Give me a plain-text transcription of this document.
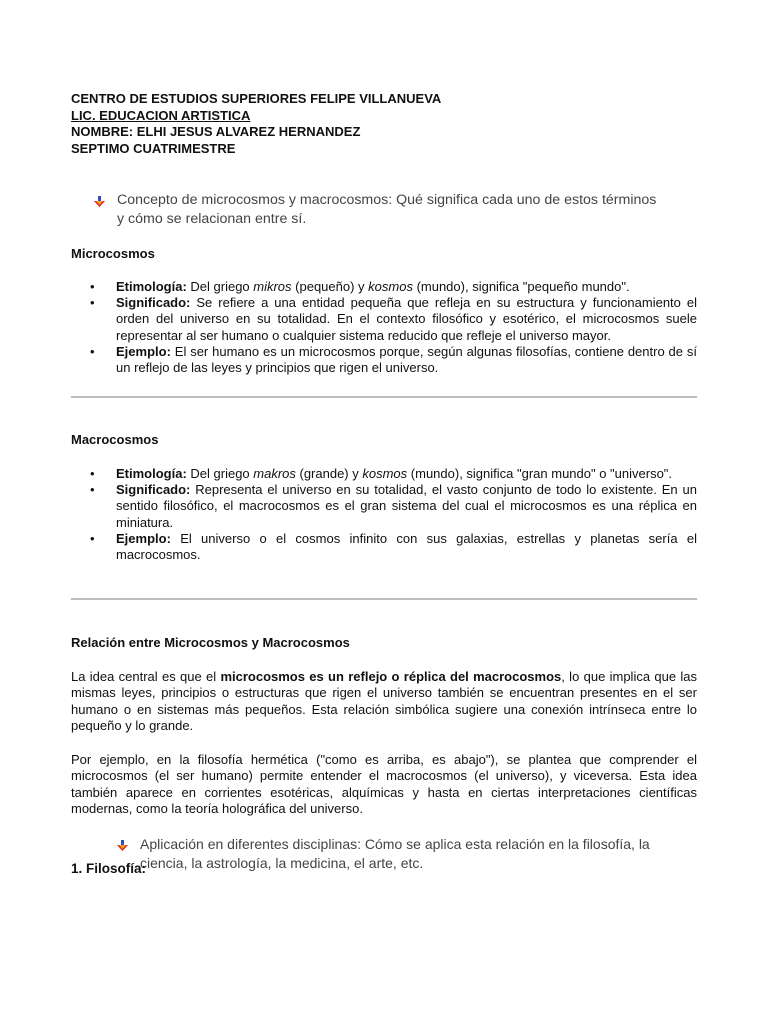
CENTRO DE ESTUDIOS SUPERIORES FELIPE VILLANUEVA

LIC. EDUCACION ARTISTICA

NOMBRE: ELHI JESUS ALVAREZ HERNANDEZ

SEPTIMO CUATRIMESTRE

Concepto de microcosmos y macrocosmos: Qué significa cada uno de estos términos
y cómo se relacionan entre sí.

Microcosmos

• Etimología: Del griego mikros (pequeño) y kosmos (mundo), significa "pequeño mundo".
• Significado: Se refiere a una entidad pequeña que refleja en su estructura y funcionamiento el orden del universo en su totalidad. En el contexto filosófico y esotérico, el microcosmos suele representar al ser humano o cualquier sistema reducido que refleje el universo mayor.
• Ejemplo: El ser humano es un microcosmos porque, según algunas filosofías, contiene dentro de sí un reflejo de las leyes y principios que rigen el universo.

Macrocosmos

• Etimología: Del griego makros (grande) y kosmos (mundo), significa "gran mundo" o "universo".
• Significado: Representa el universo en su totalidad, el vasto conjunto de todo lo existente. En un sentido filosófico, el macrocosmos es el gran sistema del cual el microcosmos es una réplica en miniatura.
• Ejemplo: El universo o el cosmos infinito con sus galaxias, estrellas y planetas sería el macrocosmos.

Relación entre Microcosmos y Macrocosmos

La idea central es que el microcosmos es un reflejo o réplica del macrocosmos, lo que implica que las mismas leyes, principios o estructuras que rigen el universo también se encuentran presentes en el ser humano o en sistemas más pequeños. Esta relación simbólica sugiere una conexión intrínseca entre lo pequeño y lo grande.

Por ejemplo, en la filosofía hermética ("como es arriba, es abajo"), se plantea que comprender el microcosmos (el ser humano) permite entender el macrocosmos (el universo), y viceversa. Esta idea también aparece en corrientes esotéricas, alquímicas y hasta en ciertas interpretaciones científicas modernas, como la teoría holográfica del universo.

Aplicación en diferentes disciplinas: Cómo se aplica esta relación en la filosofía, la
ciencia, la astrología, la medicina, el arte, etc.

1. Filosofía:
